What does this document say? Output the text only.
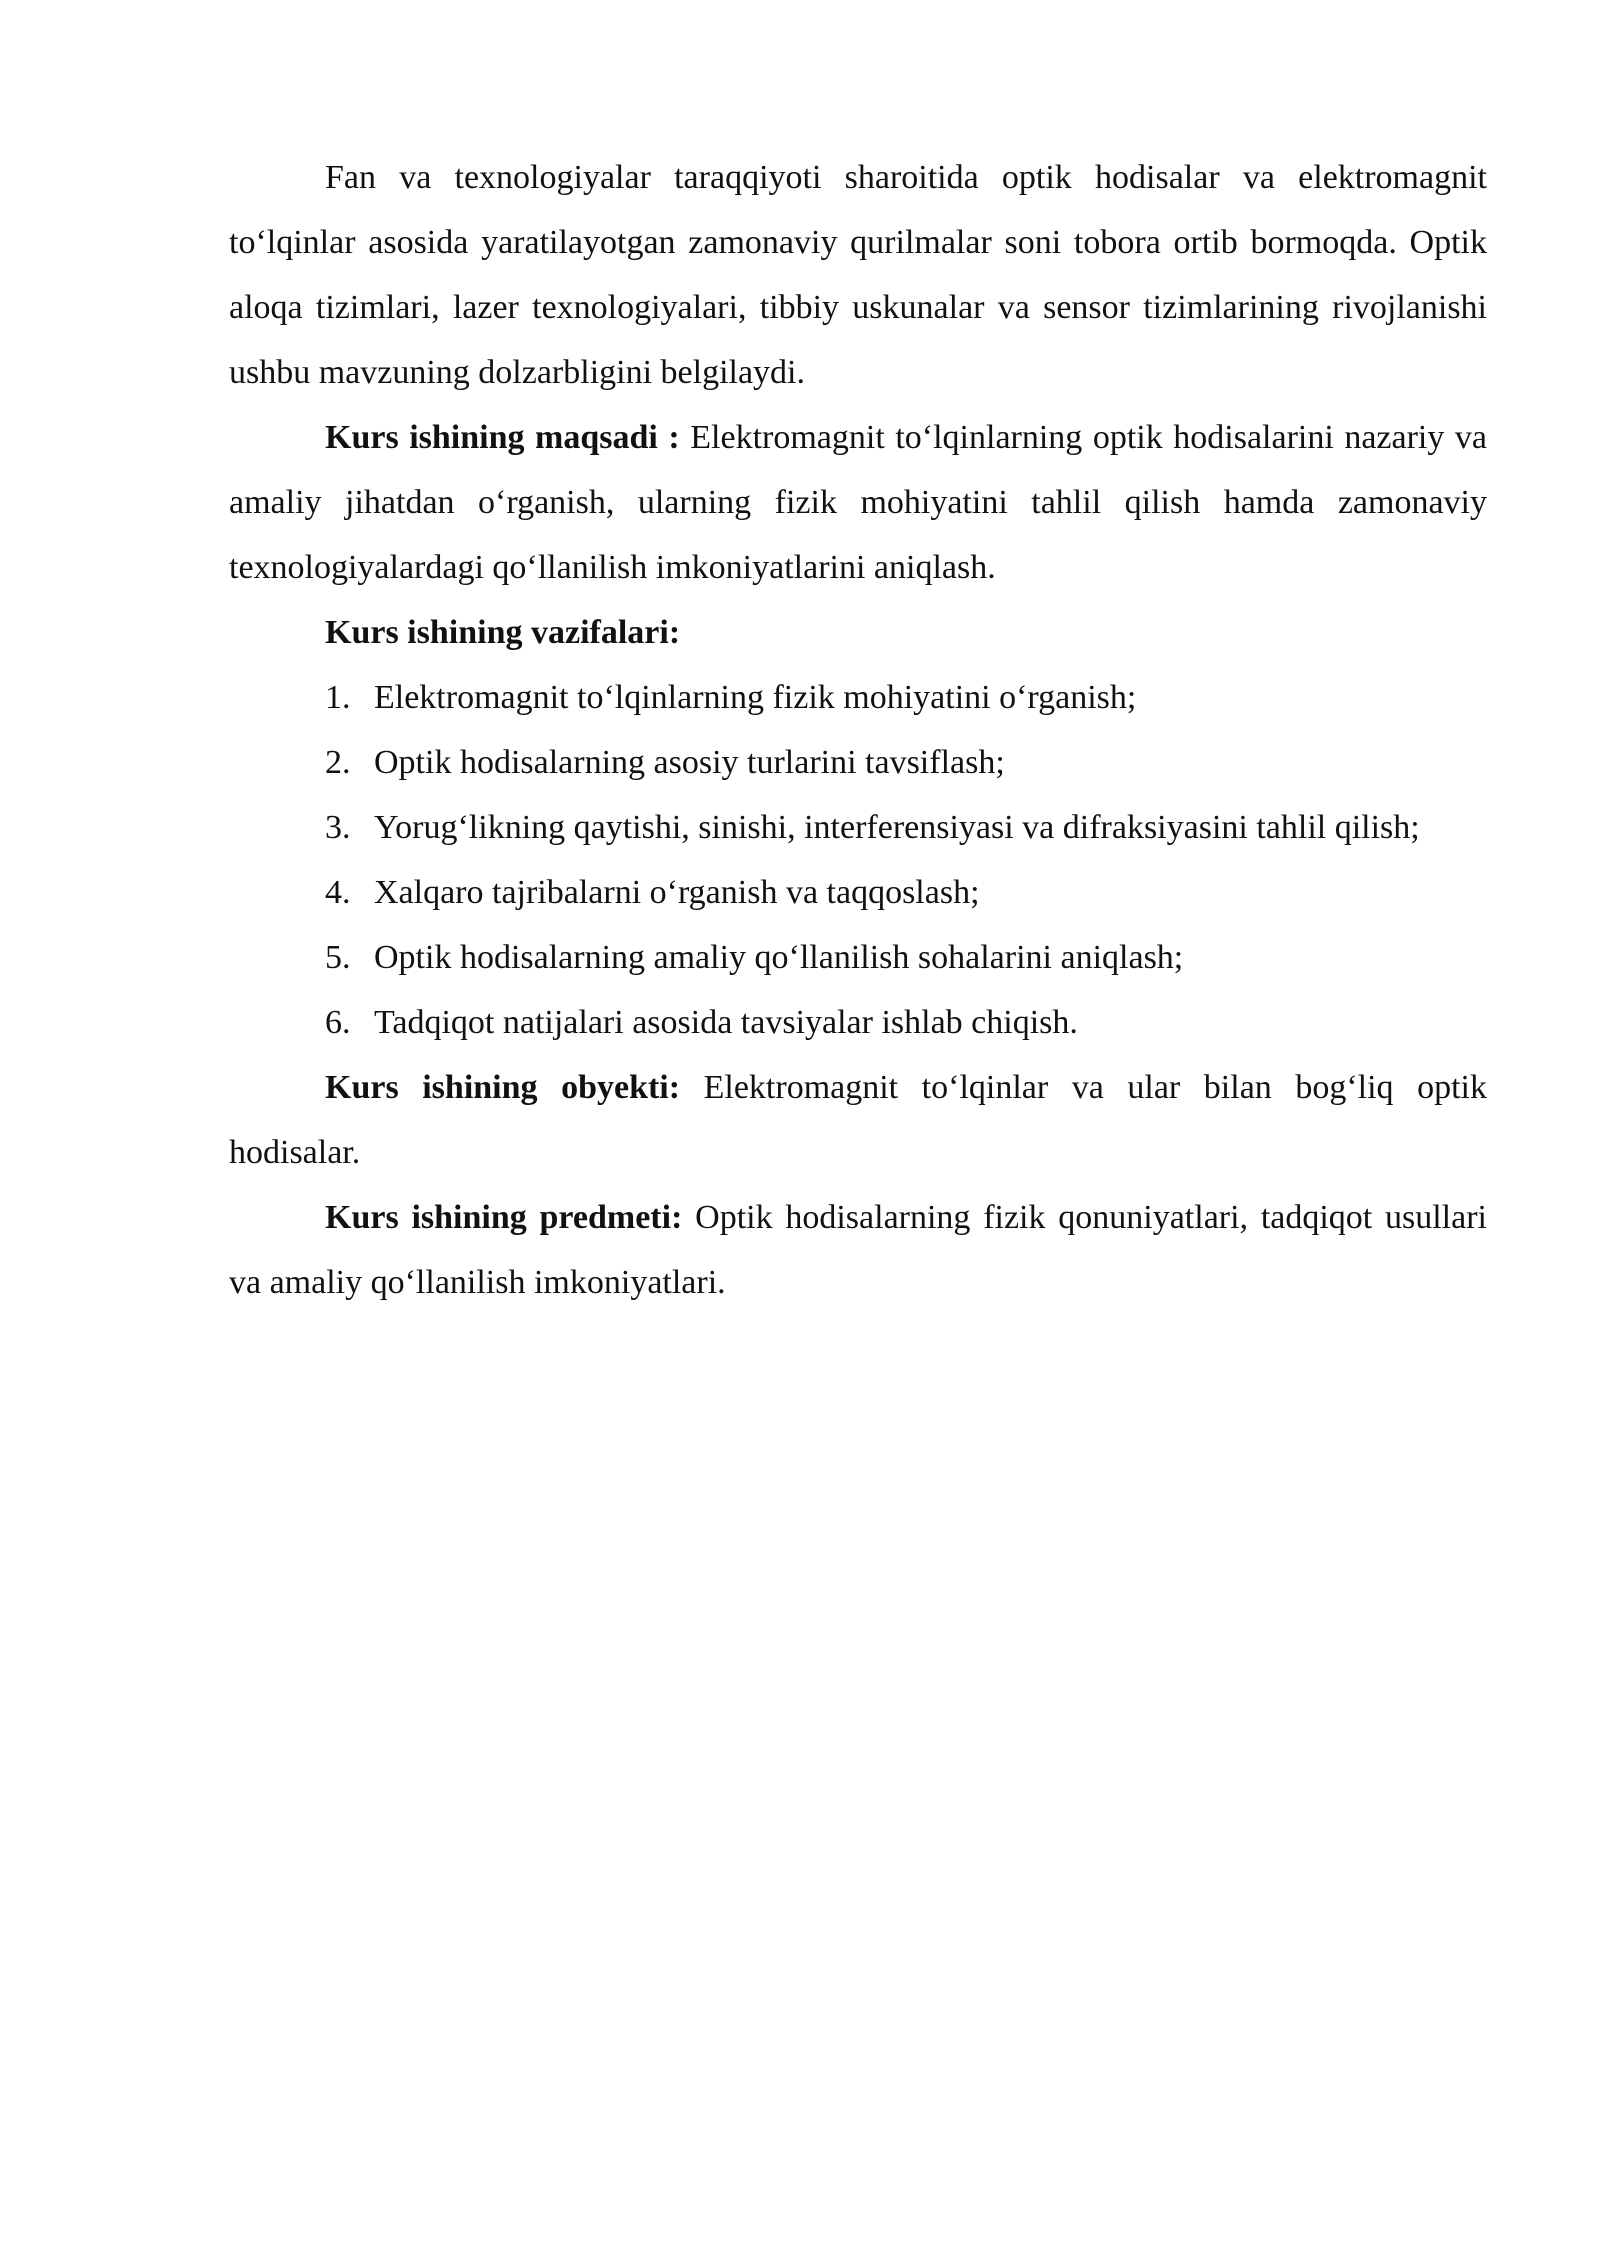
Fan va texnologiyalar taraqqiyoti sharoitida optik hodisalar va elektromagnit to‘lqinlar asosida yaratilayotgan zamonaviy qurilmalar soni tobora ortib bormoqda. Optik aloqa tizimlari, lazer texnologiyalari, tibbiy uskunalar va sensor tizimlarining rivojlanishi ushbu mavzuning dolzarbligini belgilaydi.

Kurs ishining maqsadi : Elektromagnit to‘lqinlarning optik hodisalarini nazariy va amaliy jihatdan o‘rganish, ularning fizik mohiyatini tahlil qilish hamda zamonaviy texnologiyalardagi qo‘llanilish imkoniyatlarini aniqlash.

Kurs ishining vazifalari:

1. Elektromagnit to‘lqinlarning fizik mohiyatini o‘rganish;
2. Optik hodisalarning asosiy turlarini tavsiflash;
3. Yorug‘likning qaytishi, sinishi, interferensiyasi va difraksiyasini tahlil qilish;
4. Xalqaro tajribalarni o‘rganish va taqqoslash;
5. Optik hodisalarning amaliy qo‘llanilish sohalarini aniqlash;
6. Tadqiqot natijalari asosida tavsiyalar ishlab chiqish.

Kurs ishining obyekti: Elektromagnit to‘lqinlar va ular bilan bog‘liq optik hodisalar.

Kurs ishining predmeti: Optik hodisalarning fizik qonuniyatlari, tadqiqot usullari va amaliy qo‘llanilish imkoniyatlari.
